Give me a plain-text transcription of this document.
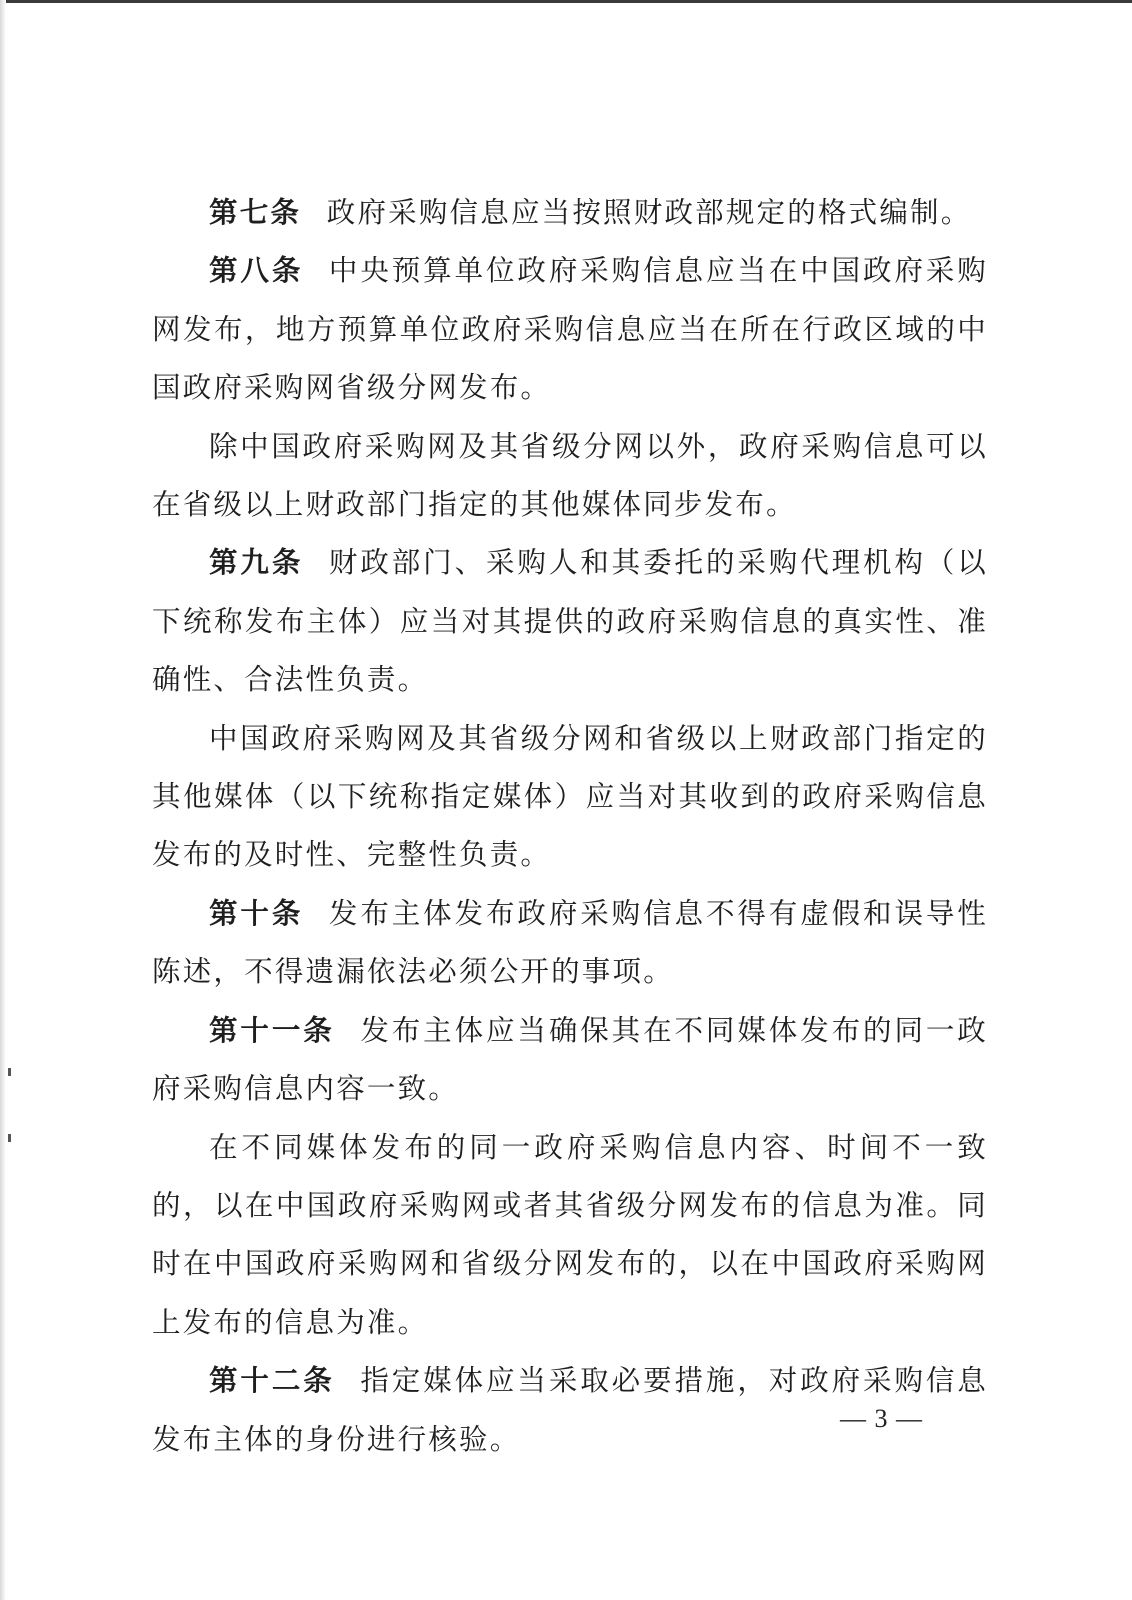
第七条 政府采购信息应当按照财政部规定的格式编制。

第八条 中央预算单位政府采购信息应当在中国政府采购网发布，地方预算单位政府采购信息应当在所在行政区域的中国政府采购网省级分网发布。

除中国政府采购网及其省级分网以外，政府采购信息可以在省级以上财政部门指定的其他媒体同步发布。

第九条 财政部门、采购人和其委托的采购代理机构（以下统称发布主体）应当对其提供的政府采购信息的真实性、准确性、合法性负责。

中国政府采购网及其省级分网和省级以上财政部门指定的其他媒体（以下统称指定媒体）应当对其收到的政府采购信息发布的及时性、完整性负责。

第十条 发布主体发布政府采购信息不得有虚假和误导性陈述，不得遗漏依法必须公开的事项。

第十一条 发布主体应当确保其在不同媒体发布的同一政府采购信息内容一致。

在不同媒体发布的同一政府采购信息内容、时间不一致的，以在中国政府采购网或者其省级分网发布的信息为准。同时在中国政府采购网和省级分网发布的，以在中国政府采购网上发布的信息为准。

第十二条 指定媒体应当采取必要措施，对政府采购信息发布主体的身份进行核验。

— 3 —
